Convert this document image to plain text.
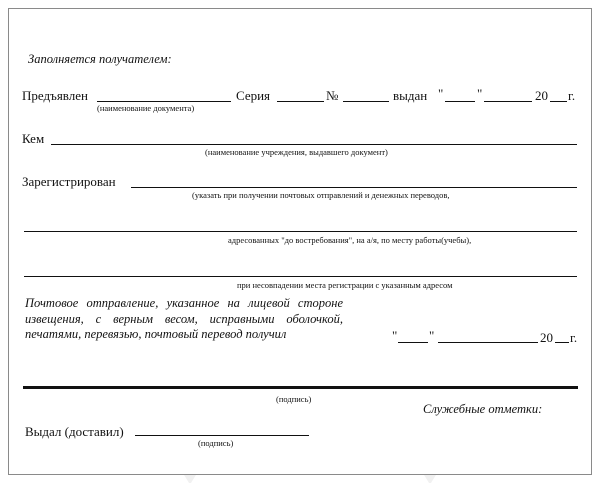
Заполняется получателем:
Предъявлен
(наименование документа)
Серия	№	выдан "	"	20 г.
Кем
(наименование учреждения, выдавшего документ)
Зарегистрирован
(указать при получении почтовых отправлений и денежных переводов,
адресованных "до востребования", на а/я, по месту работы(учебы),
при несовпадении места регистрации с указанным адресом
Почтовое отправление, указанное на лицевой стороне извещения, с верным весом, исправными оболочкой, печатями, перевязью, почтовый перевод получил	" "	20 г.
(подпись)
Служебные отметки:
Выдал (доставил)
(подпись)
